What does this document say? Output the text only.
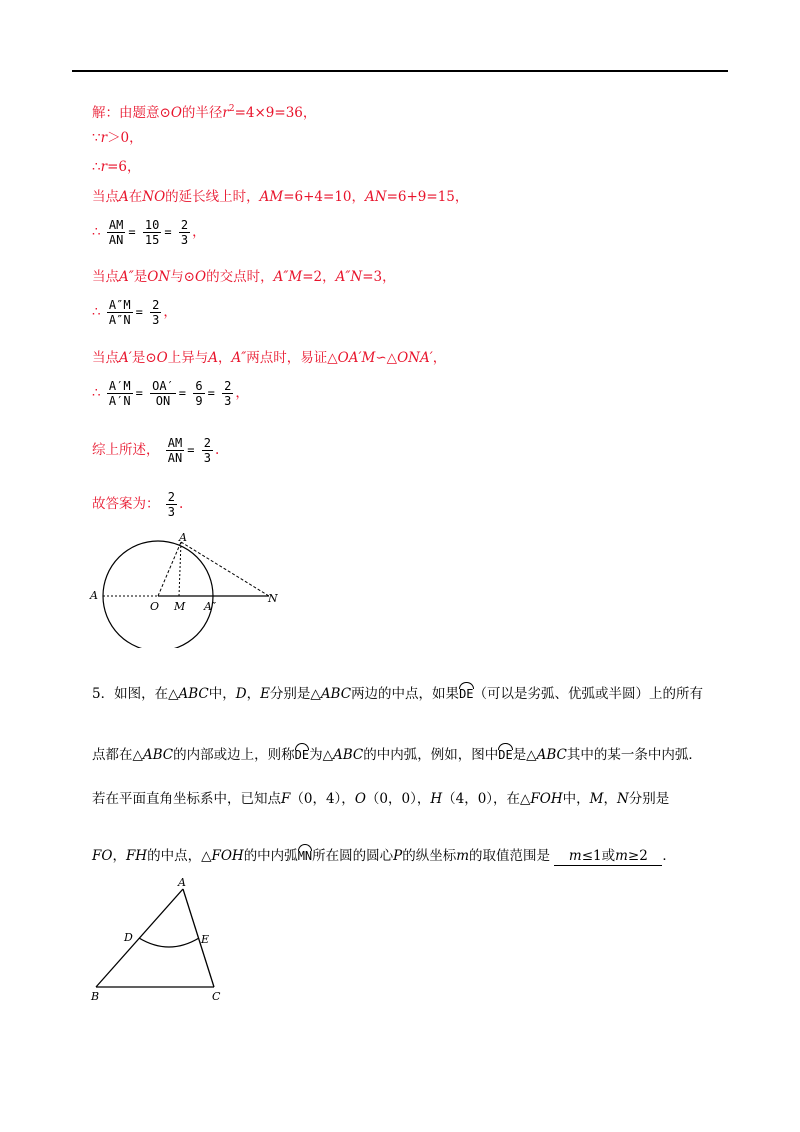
解：由题意⊙O的半径$r^2=4\times 9=36$，
∵r＞0，
∴r=6，
当点A在NO的延长线上时，AM=6+4=10，AN=6+9=15，
∴ $\frac{AM}{AN} = \frac{10}{15} = \frac{2}{3}$ ，
当点A″是ON与⊙O的交点时，A″M=2，A″N=3，
∴ $\frac{A''M}{A''N} = \frac{2}{3}$ ，
当点A′是⊙O上异与A，A″两点时，易证△OA′M∽△ONA′，
∴ $\frac{A'M}{A'N} = \frac{OA'}{ON} = \frac{6}{9} = \frac{2}{3}$ ，
综上所述， $\frac{AM}{AN} = \frac{2}{3}$ .
故答案为： $\frac{2}{3}$ .
A
A
O M A″
N
5．如图，在△ABC中，D，E分别是△ABC两边的中点，如果DE（可以是劣弧、优弧或半圆）上的所有
点都在△ABC的内部或边上，则称DE为△ABC的中内弧，例如，图中DE是△ABC其中的某一条中内弧．
若在平面直角坐标系中，已知点F（0，4），O（0，0），H（4，0），在△FOH中，M，N分别是
FO，FH的中点，△FOH的中内弧MN所在圆的圆心P的纵坐标m的取值范围是 m≤1或m≥2 ．
A
B	C
D	E
